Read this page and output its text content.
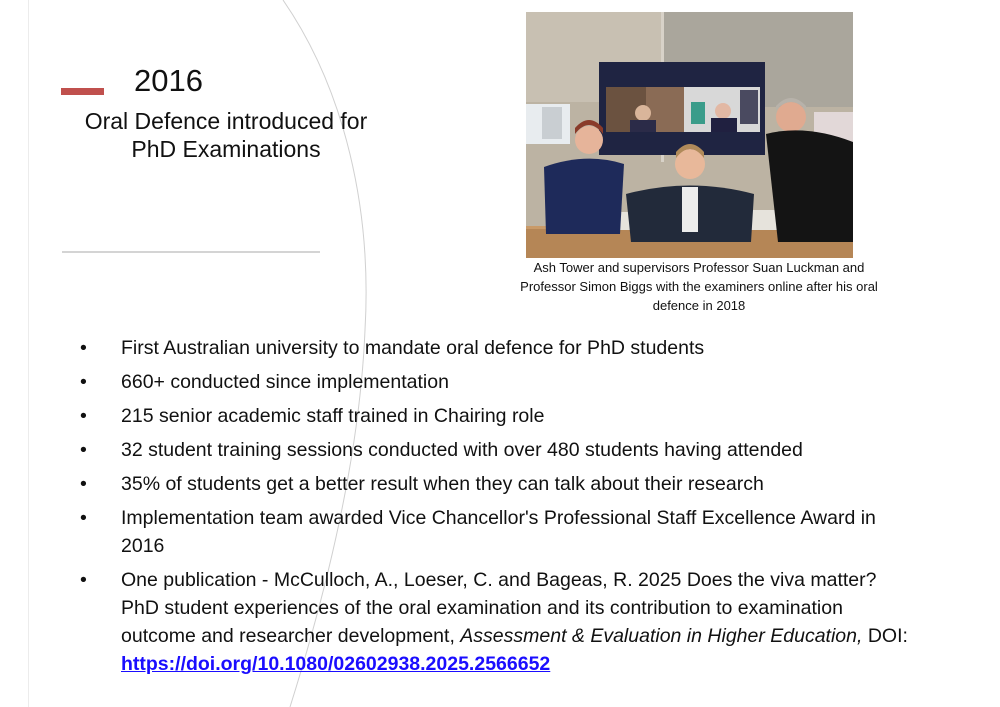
2016
Oral Defence introduced for
PhD Examinations
Ash Tower and supervisors Professor Suan Luckman and Professor Simon Biggs with the examiners online after his oral defence in 2018
•
First Australian university to mandate oral defence for PhD students
•
660+ conducted since implementation
•
215 senior academic staff trained in Chairing role
•
32 student training sessions conducted with over 480 students having attended
•
35% of students get a better result when they can talk about their research
•
Implementation team awarded Vice Chancellor's Professional Staff Excellence Award in 2016
•
One publication - McCulloch, A., Loeser, C. and Bageas, R. 2025 Does the viva matter? PhD student experiences of the oral examination and its contribution to examination outcome and researcher development, Assessment & Evaluation in Higher Education, DOI: https://doi.org/10.1080/02602938.2025.2566652
